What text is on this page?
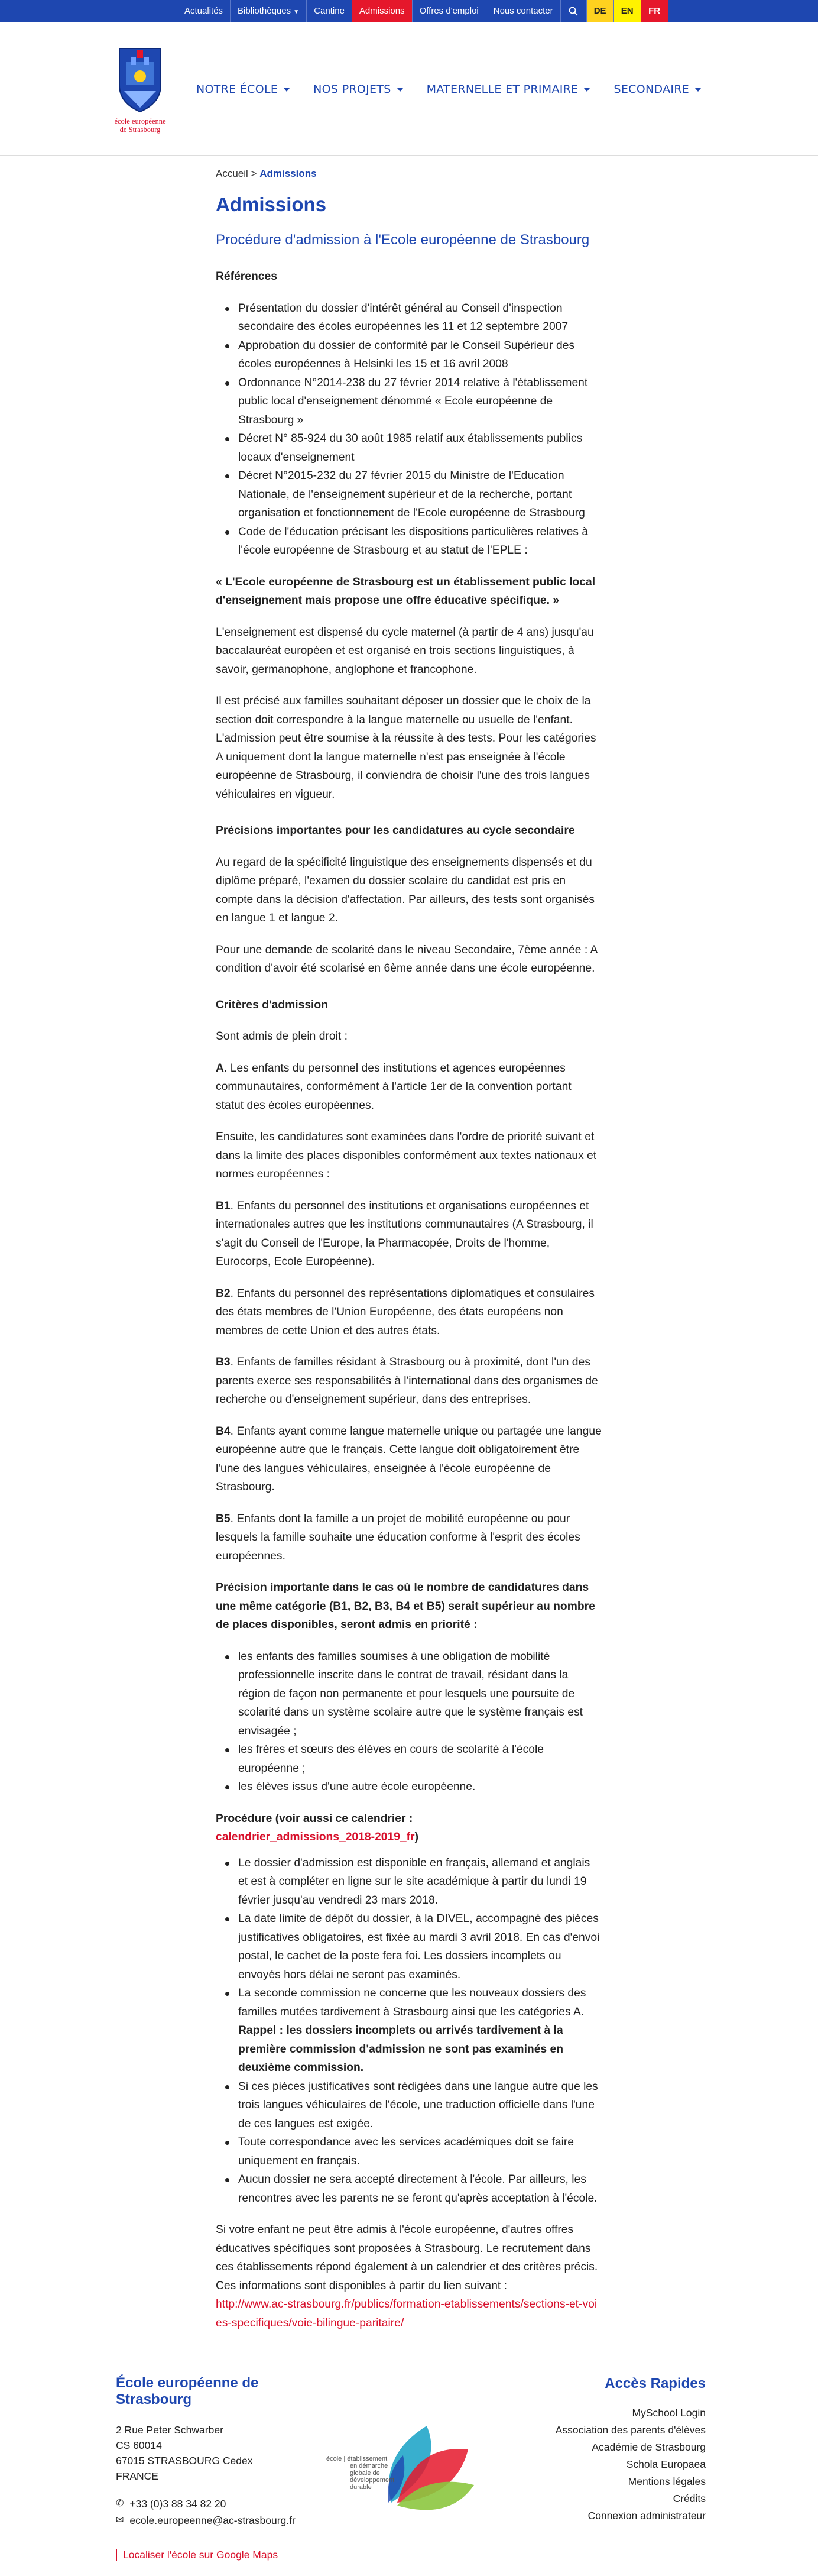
Actualités	Bibliothèques ▼	Cantine	Admissions	Offres d'emploi	Nous contacter	DE	EN	FR
école européenne
de Strasbourg
NOTRE ÉCOLE	NOS PROJETS	MATERNELLE ET PRIMAIRE	SECONDAIRE
Accueil > Admissions
Admissions
Procédure d'admission à l'Ecole européenne de Strasbourg
Références
Présentation du dossier d'intérêt général au Conseil d'inspection secondaire des écoles européennes les 11 et 12 septembre 2007
Approbation du dossier de conformité par le Conseil Supérieur des écoles européennes à Helsinki les 15 et 16 avril 2008
Ordonnance N°2014-238 du 27 février 2014 relative à l'établissement public local d'enseignement dénommé « Ecole européenne de Strasbourg »
Décret N° 85-924 du 30 août 1985 relatif aux établissements publics locaux d'enseignement
Décret N°2015-232 du 27 février 2015 du Ministre de l'Education Nationale, de l'enseignement supérieur et de la recherche, portant organisation et fonctionnement de l'Ecole européenne de Strasbourg
Code de l'éducation précisant les dispositions particulières relatives à l'école européenne de Strasbourg et au statut de l'EPLE :

« L'Ecole européenne de Strasbourg est un établissement public local d'enseignement mais propose une offre éducative spécifique. »

L'enseignement est dispensé du cycle maternel (à partir de 4 ans) jusqu'au baccalauréat européen et est organisé en trois sections linguistiques, à savoir, germanophone, anglophone et francophone.

Il est précisé aux familles souhaitant déposer un dossier que le choix de la section doit correspondre à la langue maternelle ou usuelle de l'enfant. L'admission peut être soumise à la réussite à des tests. Pour les catégories A uniquement dont la langue maternelle n'est pas enseignée à l'école européenne de Strasbourg, il conviendra de choisir l'une des trois langues véhiculaires en vigueur.

Précisions importantes pour les candidatures au cycle secondaire

Au regard de la spécificité linguistique des enseignements dispensés et du diplôme préparé, l'examen du dossier scolaire du candidat est pris en compte dans la décision d'affectation. Par ailleurs, des tests sont organisés en langue 1 et langue 2.

Pour une demande de scolarité dans le niveau Secondaire, 7ème année : A condition d'avoir été scolarisé en 6ème année dans une école européenne.

Critères d'admission

Sont admis de plein droit :

A. Les enfants du personnel des institutions et agences européennes communautaires, conformément à l'article 1er de la convention portant statut des écoles européennes.

Ensuite, les candidatures sont examinées dans l'ordre de priorité suivant et dans la limite des places disponibles conformément aux textes nationaux et normes européennes :

B1. Enfants du personnel des institutions et organisations européennes et internationales autres que les institutions communautaires (A Strasbourg, il s'agit du Conseil de l'Europe, la Pharmacopée, Droits de l'homme, Eurocorps, Ecole Européenne).

B2. Enfants du personnel des représentations diplomatiques et consulaires des états membres de l'Union Européenne, des états européens non membres de cette Union et des autres états.

B3. Enfants de familles résidant à Strasbourg ou à proximité, dont l'un des parents exerce ses responsabilités à l'international dans des organismes de recherche ou d'enseignement supérieur, dans des entreprises.

B4. Enfants ayant comme langue maternelle unique ou partagée une langue européenne autre que le français. Cette langue doit obligatoirement être l'une des langues véhiculaires, enseignée à l'école européenne de Strasbourg.

B5. Enfants dont la famille a un projet de mobilité européenne ou pour lesquels la famille souhaite une éducation conforme à l'esprit des écoles européennes.

Précision importante dans le cas où le nombre de candidatures dans une même catégorie (B1, B2, B3, B4 et B5) serait supérieur au nombre de places disponibles, seront admis en priorité :

les enfants des familles soumises à une obligation de mobilité professionnelle inscrite dans le contrat de travail, résidant dans la région de façon non permanente et pour lesquels une poursuite de scolarité dans un système scolaire autre que le système français est envisagée ;
les frères et sœurs des élèves en cours de scolarité à l'école européenne ;
les élèves issus d'une autre école européenne.

Procédure (voir aussi ce calendrier :
calendrier_admissions_2018-2019_fr)

Le dossier d'admission est disponible en français, allemand et anglais et est à compléter en ligne sur le site académique à partir du lundi 19 février jusqu'au vendredi 23 mars 2018.
La date limite de dépôt du dossier, à la DIVEL, accompagné des pièces justificatives obligatoires, est fixée au mardi 3 avril 2018. En cas d'envoi postal, le cachet de la poste fera foi. Les dossiers incomplets ou envoyés hors délai ne seront pas examinés.
La seconde commission ne concerne que les nouveaux dossiers des familles mutées tardivement à Strasbourg ainsi que les catégories A.
Rappel : les dossiers incomplets ou arrivés tardivement à la première commission d'admission ne sont pas examinés en deuxième commission.
Si ces pièces justificatives sont rédigées dans une langue autre que les trois langues véhiculaires de l'école, une traduction officielle dans l'une de ces langues est exigée.
Toute correspondance avec les services académiques doit se faire uniquement en français.
Aucun dossier ne sera accepté directement à l'école. Par ailleurs, les rencontres avec les parents ne se feront qu'après acceptation à l'école.

Si votre enfant ne peut être admis à l'école européenne, d'autres offres éducatives spécifiques sont proposées à Strasbourg. Le recrutement dans ces établissements répond également à un calendrier et des critères précis. Ces informations sont disponibles à partir du lien suivant :

http://www.ac-strasbourg.fr/publics/formation-etablissements/sections-et-voies-specifiques/voie-bilingue-paritaire/
École européenne de Strasbourg
2 Rue Peter Schwarber
CS 60014
67015 STRASBOURG Cedex
FRANCE
✆ +33 (0)3 88 34 82 20
✉ ecole.europeenne@ac-strasbourg.fr
Localiser l'école sur Google Maps
école | établissement
en démarche
globale de
développement
durable
Accès Rapides
MySchool Login
Association des parents d'élèves
Académie de Strasbourg
Schola Europaea
Mentions légales
Crédits
Connexion administrateur
